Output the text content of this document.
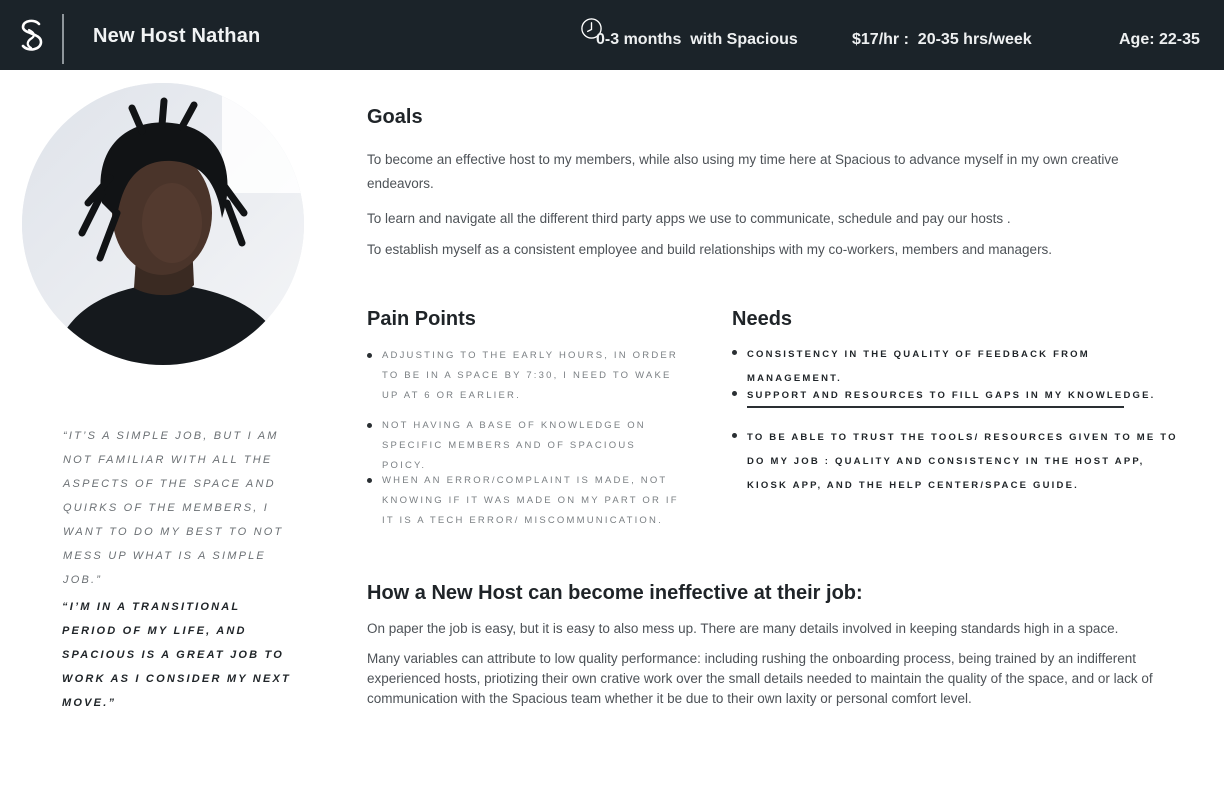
New Host Nathan	0-3 months  with Spacious	$17/hr :  20-35 hrs/week	Age: 22-35
“IT’S A SIMPLE JOB, BUT I AM NOT FAMILIAR WITH ALL THE ASPECTS OF THE SPACE AND QUIRKS OF THE MEMBERS, I WANT TO DO MY BEST TO NOT MESS UP WHAT IS A SIMPLE JOB.”
“I’M IN A TRANSITIONAL PERIOD OF MY LIFE, AND SPACIOUS IS A GREAT JOB TO WORK AS I CONSIDER MY NEXT MOVE.”
Goals

To become an effective host to my members, while also using my time here at Spacious to advance myself in my own creative endeavors.

To learn and navigate all the different third party apps we use to communicate, schedule and pay our hosts .

To establish myself as a consistent employee and build relationships with my co-workers, members and managers.

Pain Points
ADJUSTING TO THE EARLY HOURS, IN ORDER TO BE IN A SPACE BY 7:30, I NEED TO WAKE UP AT 6 OR EARLIER.
NOT HAVING A BASE OF KNOWLEDGE ON SPECIFIC MEMBERS AND OF SPACIOUS POICY.
WHEN AN ERROR/COMPLAINT IS MADE, NOT KNOWING IF IT WAS MADE ON MY PART OR IF IT IS A TECH ERROR/ MISCOMMUNICATION.
Needs
CONSISTENCY IN THE QUALITY OF FEEDBACK FROM MANAGEMENT.
SUPPORT AND RESOURCES TO FILL GAPS IN MY KNOWLEDGE.
TO BE ABLE TO TRUST THE TOOLS/ RESOURCES GIVEN TO ME TO DO MY JOB : QUALITY AND CONSISTENCY IN THE HOST APP, KIOSK APP, AND THE HELP CENTER/SPACE GUIDE.
How a New Host can become ineffective at their job:

On paper the job is easy, but it is easy to also mess up. There are many details involved in keeping standards high in a space.

Many variables can attribute to low quality performance: including rushing the onboarding process, being trained by an indifferent experienced hosts, priotizing their own crative work over the small details needed to maintain the quality of the space, and or lack of communication with the Spacious team whether it be due to their own laxity or personal comfort level.
